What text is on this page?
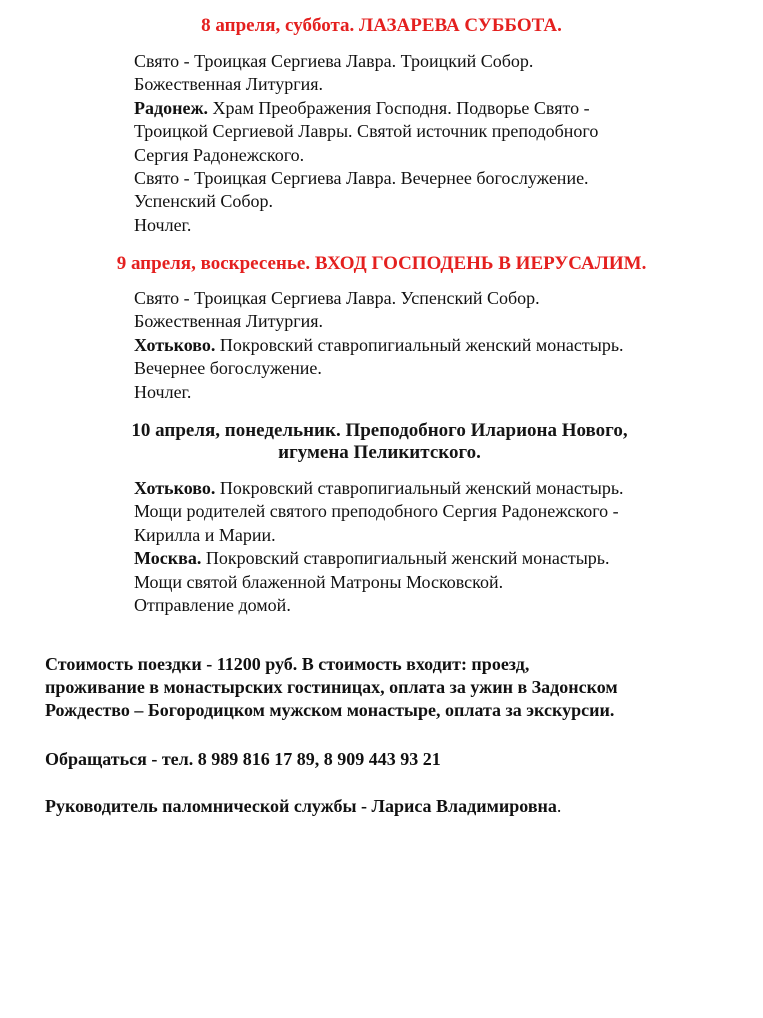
8 апреля, суббота. ЛАЗАРЕВА СУББОТА.

Свято - Троицкая Сергиева Лавра. Троицкий Собор.
Божественная Литургия.
Радонеж. Храм Преображения Господня. Подворье Свято -
Троицкой Сергиевой Лавры. Святой источник преподобного
Сергия Радонежского.
Свято - Троицкая Сергиева Лавра. Вечернее богослужение.
Успенский Собор.
Ночлег.

9 апреля, воскресенье. ВХОД ГОСПОДЕНЬ В ИЕРУСАЛИМ.

Свято - Троицкая Сергиева Лавра. Успенский Собор.
Божественная Литургия.
Хотьково. Покровский ставропигиальный женский монастырь.
Вечернее богослужение.
Ночлег.

10 апреля, понедельник. Преподобного Илариона Нового,
игумена Пеликитского.

Хотьково. Покровский ставропигиальный женский монастырь.
Мощи родителей святого преподобного Сергия Радонежского -
Кирилла и Марии.
Москва. Покровский ставропигиальный женский монастырь.
Мощи святой блаженной Матроны Московской.
Отправление домой.

Стоимость поездки - 11200 руб. В стоимость входит: проезд,
проживание в монастырских гостиницах, оплата за ужин в Задонском
Рождество – Богородицком мужском монастыре, оплата за экскурсии.

Обращаться - тел. 8 989 816 17 89, 8 909 443 93 21

Руководитель паломнической службы - Лариса Владимировна.
